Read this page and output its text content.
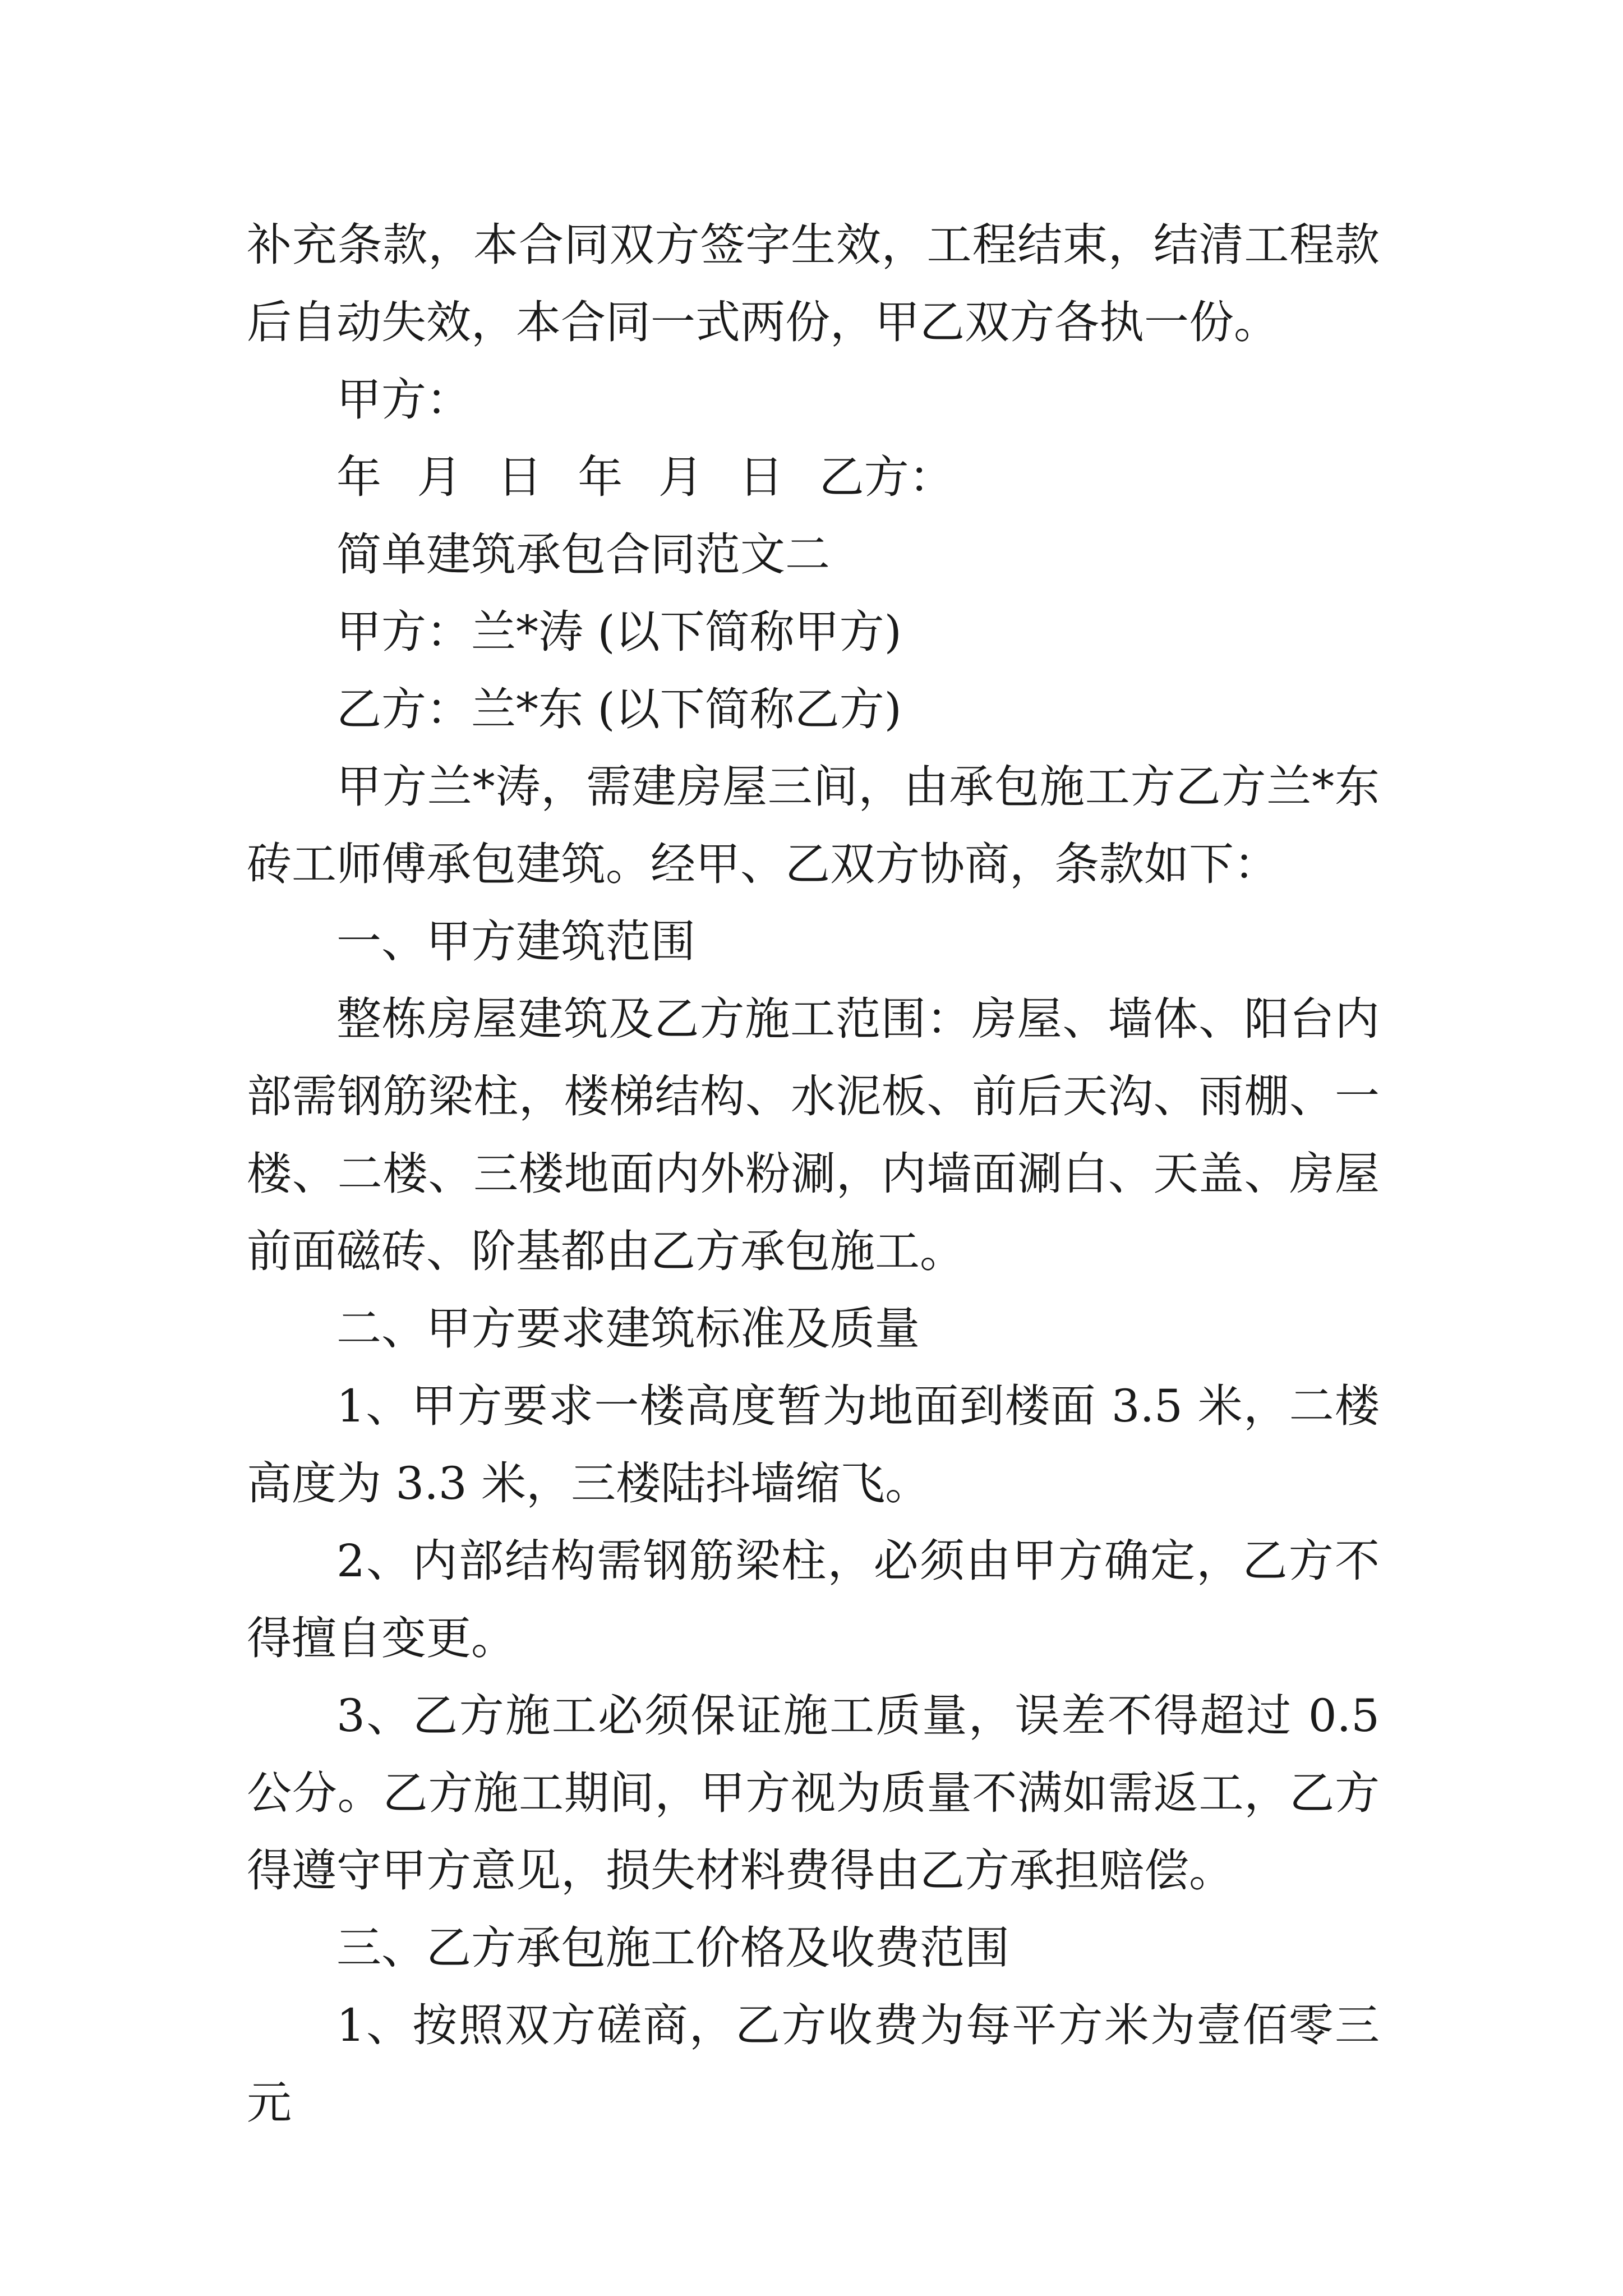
补充条款，本合同双方签字生效，工程结束，结清工程款后自动失效，本合同一式两份，甲乙双方各执一份。

甲方：

年 月 日 年 月 日 乙方：

简单建筑承包合同范文二

甲方：兰*涛 (以下简称甲方)

乙方：兰*东 (以下简称乙方)

甲方兰*涛，需建房屋三间，由承包施工方乙方兰*东砖工师傅承包建筑。经甲、乙双方协商，条款如下：

一、甲方建筑范围

整栋房屋建筑及乙方施工范围：房屋、墙体、阳台内部需钢筋梁柱，楼梯结构、水泥板、前后天沟、雨棚、一楼、二楼、三楼地面内外粉涮，内墙面涮白、天盖、房屋前面磁砖、阶基都由乙方承包施工。

二、甲方要求建筑标准及质量

1、甲方要求一楼高度暂为地面到楼面 3.5 米，二楼高度为 3.3 米，三楼陆抖墙缩飞。

2、内部结构需钢筋梁柱，必须由甲方确定，乙方不得擅自变更。

3、乙方施工必须保证施工质量，误差不得超过 0.5 公分。乙方施工期间，甲方视为质量不满如需返工，乙方得遵守甲方意见，损失材料费得由乙方承担赔偿。

三、乙方承包施工价格及收费范围

1、按照双方磋商，乙方收费为每平方米为壹佰零三元
